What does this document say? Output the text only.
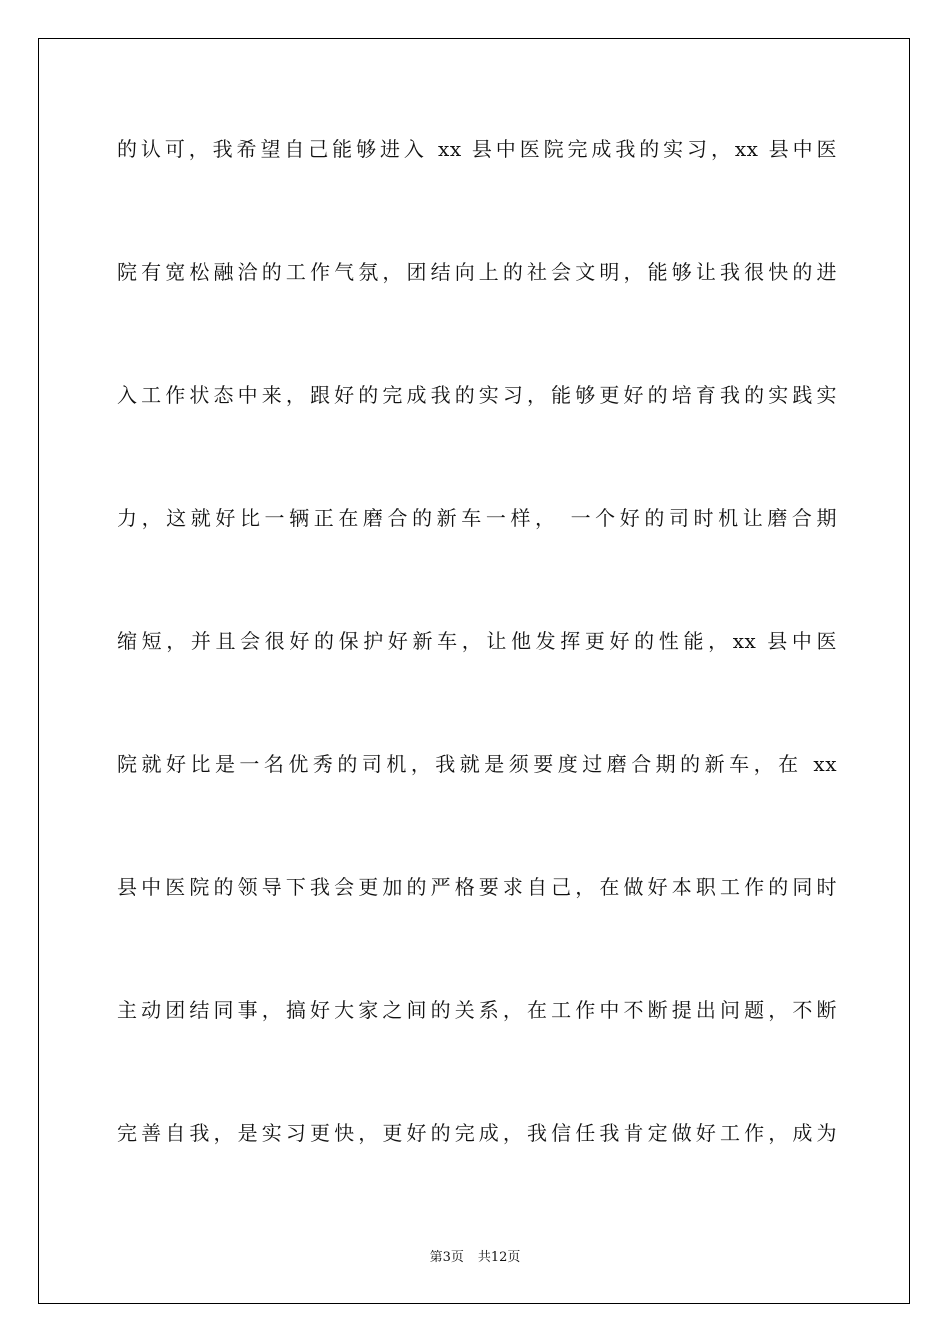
的认可，我希望自己能够进入 xx 县中医院完成我的实习，xx 县中医
院有宽松融洽的工作气氛，团结向上的社会文明，能够让我很快的进
入工作状态中来，跟好的完成我的实习，能够更好的培育我的实践实
力，这就好比一辆正在磨合的新车一样， 一个好的司时机让磨合期
缩短，并且会很好的保护好新车，让他发挥更好的性能，xx 县中医
院就好比是一名优秀的司机，我就是须要度过磨合期的新车，在 xx
县中医院的领导下我会更加的严格要求自己，在做好本职工作的同时
主动团结同事，搞好大家之间的关系，在工作中不断提出问题，不断
完善自我，是实习更快，更好的完成，我信任我肯定做好工作，成为
第3页 共12页
